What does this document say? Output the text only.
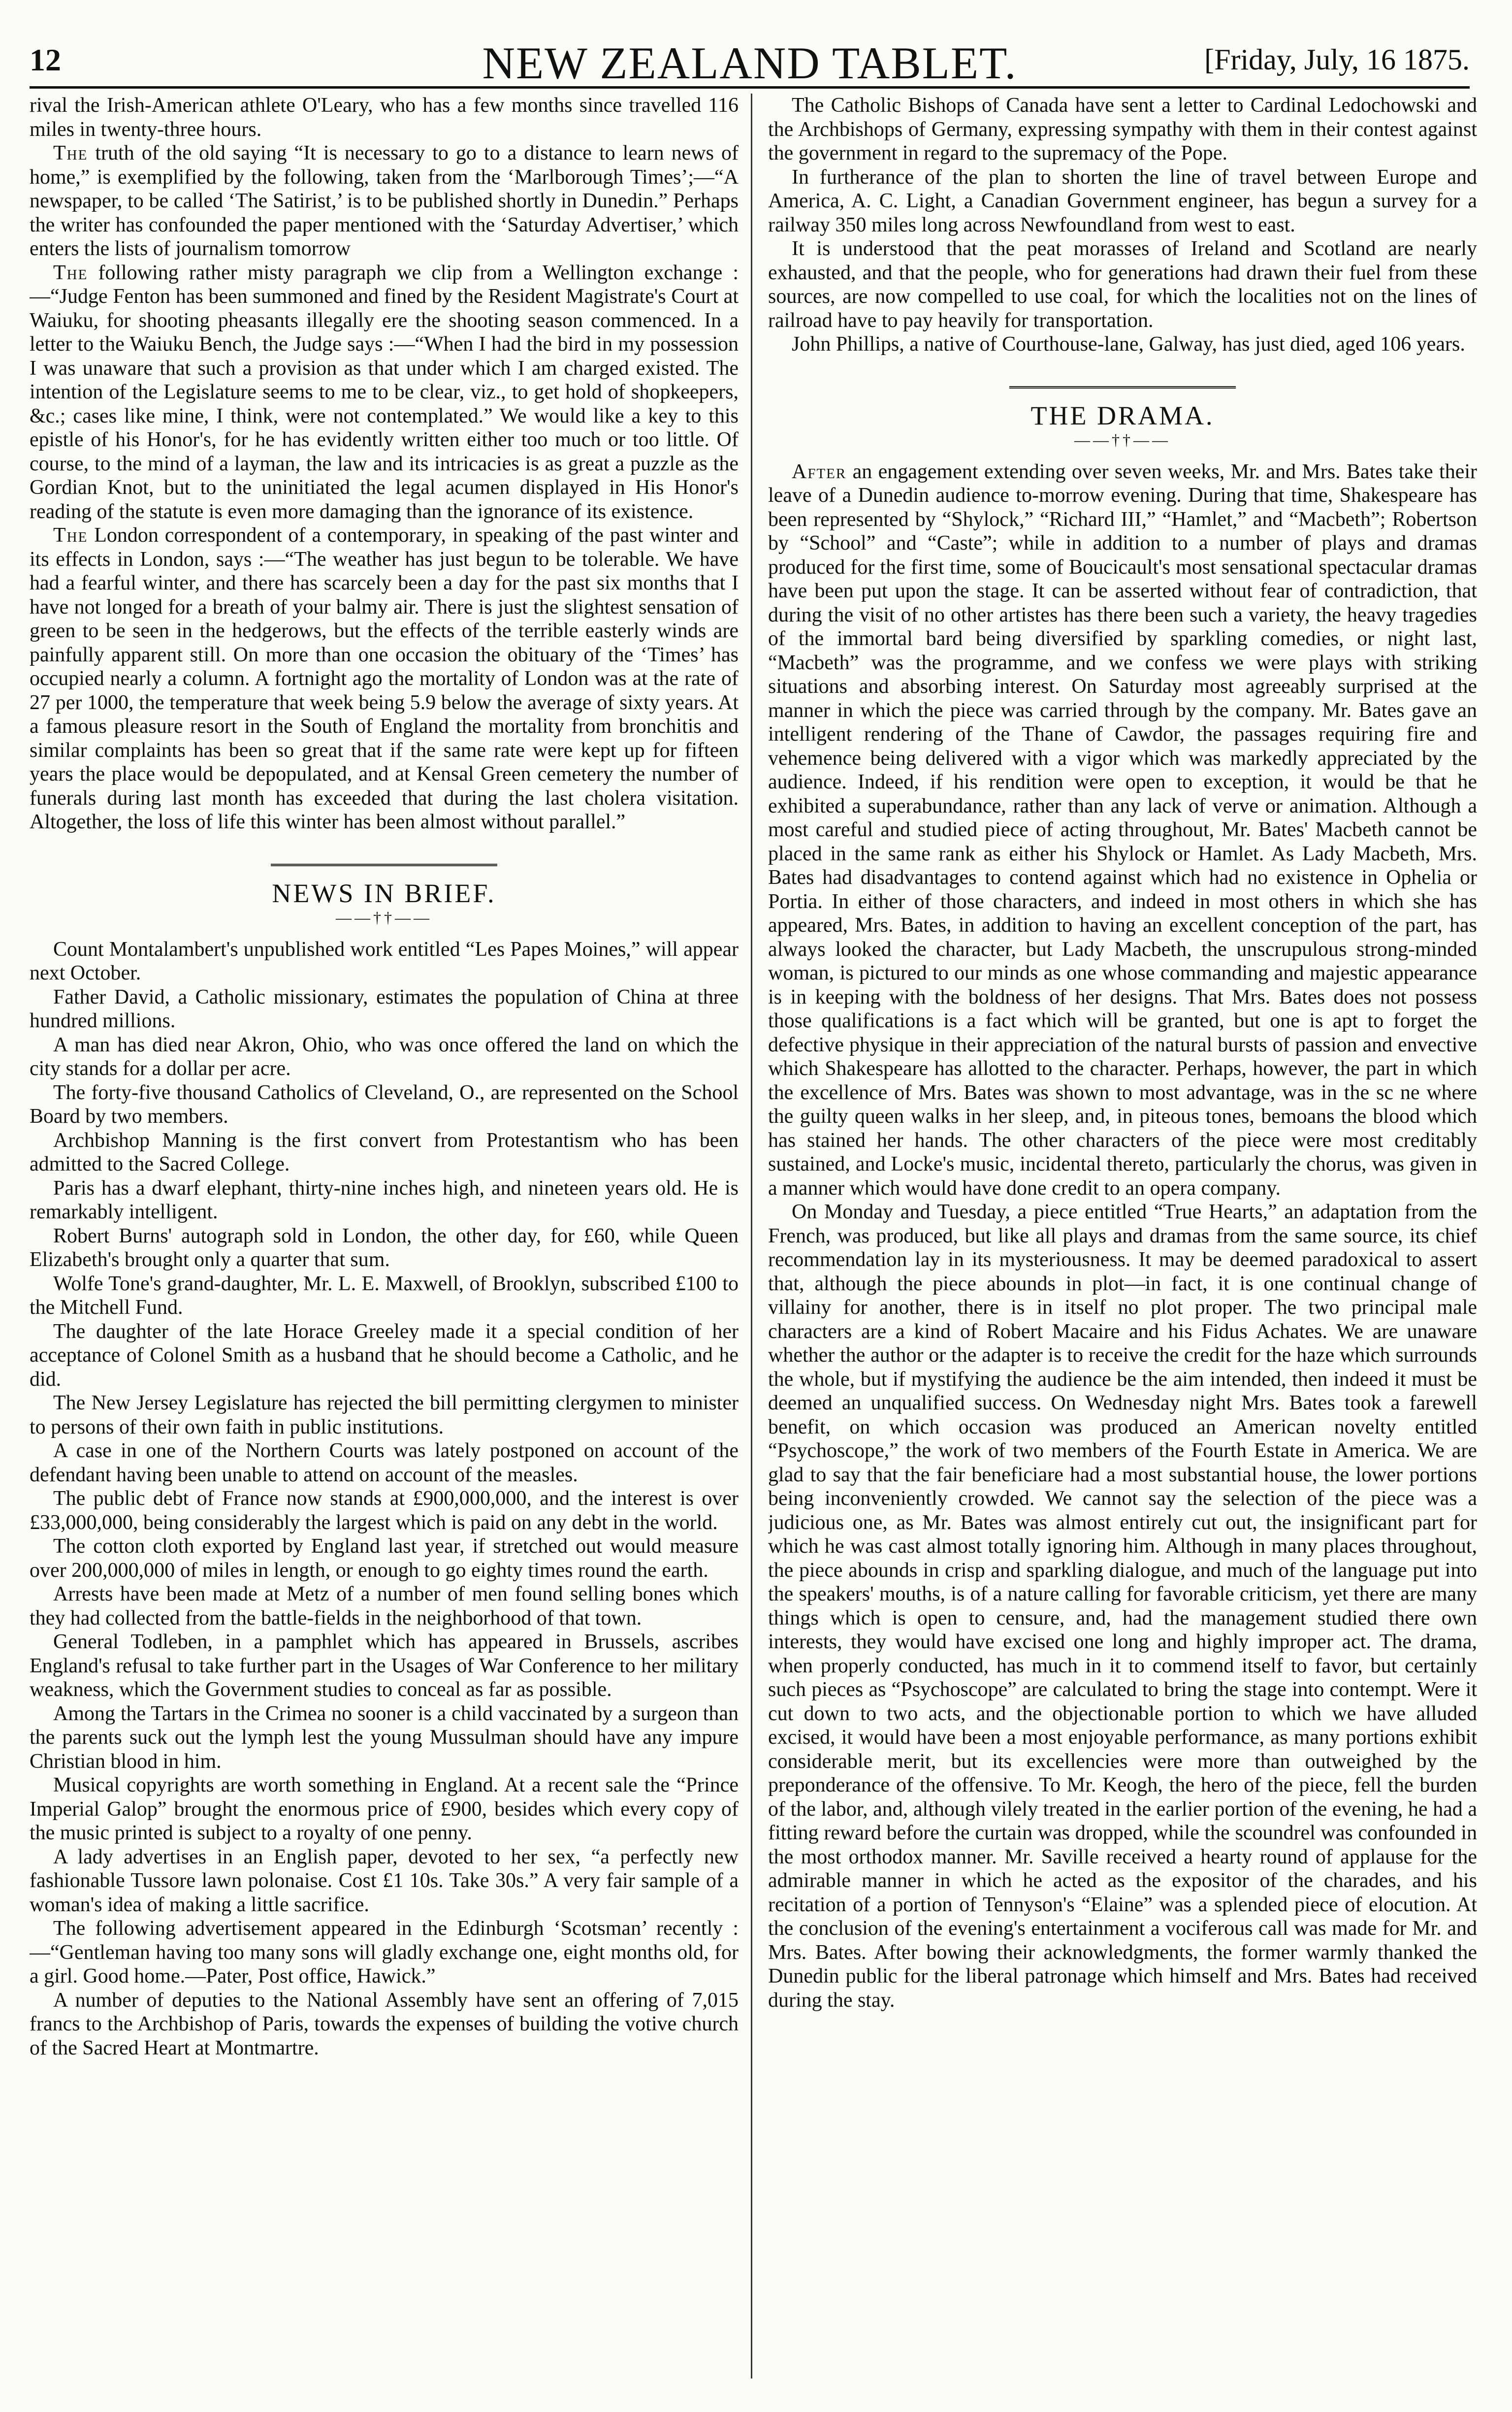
12	NEW ZEALAND TABLET.	[Friday, July, 16 1875.

rival the Irish-American athlete O'Leary, who has a few months since travelled 116 miles in twenty-three hours.

The truth of the old saying “It is necessary to go to a distance to learn news of home,” is exemplified by the following, taken from the ‘Marlborough Times’;—“A newspaper, to be called ‘The Satirist,’ is to be published shortly in Dunedin.” Perhaps the writer has confounded the paper mentioned with the ‘Saturday Advertiser,’ which enters the lists of journalism tomorrow

The following rather misty paragraph we clip from a Wellington exchange :—“Judge Fenton has been summoned and fined by the Resident Magistrate's Court at Waiuku, for shooting pheasants illegally ere the shooting season commenced. In a letter to the Waiuku Bench, the Judge says :—“When I had the bird in my possession I was unaware that such a provision as that under which I am charged existed. The intention of the Legislature seems to me to be clear, viz., to get hold of shopkeepers, &c.; cases like mine, I think, were not contemplated.” We would like a key to this epistle of his Honor's, for he has evidently written either too much or too little. Of course, to the mind of a layman, the law and its intricacies is as great a puzzle as the Gordian Knot, but to the uninitiated the legal acumen displayed in His Honor's reading of the statute is even more damaging than the ignorance of its existence.

The London correspondent of a contemporary, in speaking of the past winter and its effects in London, says :—“The weather has just begun to be tolerable. We have had a fearful winter, and there has scarcely been a day for the past six months that I have not longed for a breath of your balmy air. There is just the slightest sensation of green to be seen in the hedgerows, but the effects of the terrible easterly winds are painfully apparent still. On more than one occasion the obituary of the ‘Times’ has occupied nearly a column. A fortnight ago the mortality of London was at the rate of 27 per 1000, the temperature that week being 5.9 below the average of sixty years. At a famous pleasure resort in the South of England the mortality from bronchitis and similar complaints has been so great that if the same rate were kept up for fifteen years the place would be depopulated, and at Kensal Green cemetery the number of funerals during last month has exceeded that during the last cholera visitation. Altogether, the loss of life this winter has been almost without parallel.”

NEWS IN BRIEF.
——††——

Count Montalambert's unpublished work entitled “Les Papes Moines,” will appear next October.

Father David, a Catholic missionary, estimates the population of China at three hundred millions.

A man has died near Akron, Ohio, who was once offered the land on which the city stands for a dollar per acre.

The forty-five thousand Catholics of Cleveland, O., are represented on the School Board by two members.

Archbishop Manning is the first convert from Protestantism who has been admitted to the Sacred College.

Paris has a dwarf elephant, thirty-nine inches high, and nineteen years old. He is remarkably intelligent.

Robert Burns' autograph sold in London, the other day, for £60, while Queen Elizabeth's brought only a quarter that sum.

Wolfe Tone's grand-daughter, Mr. L. E. Maxwell, of Brooklyn, subscribed £100 to the Mitchell Fund.

The daughter of the late Horace Greeley made it a special condition of her acceptance of Colonel Smith as a husband that he should become a Catholic, and he did.

The New Jersey Legislature has rejected the bill permitting clergymen to minister to persons of their own faith in public institutions.

A case in one of the Northern Courts was lately postponed on account of the defendant having been unable to attend on account of the measles.

The public debt of France now stands at £900,000,000, and the interest is over £33,000,000, being considerably the largest which is paid on any debt in the world.

The cotton cloth exported by England last year, if stretched out would measure over 200,000,000 of miles in length, or enough to go eighty times round the earth.

Arrests have been made at Metz of a number of men found selling bones which they had collected from the battle-fields in the neighborhood of that town.

General Todleben, in a pamphlet which has appeared in Brussels, ascribes England's refusal to take further part in the Usages of War Conference to her military weakness, which the Government studies to conceal as far as possible.

Among the Tartars in the Crimea no sooner is a child vaccinated by a surgeon than the parents suck out the lymph lest the young Mussulman should have any impure Christian blood in him.

Musical copyrights are worth something in England. At a recent sale the “Prince Imperial Galop” brought the enormous price of £900, besides which every copy of the music printed is subject to a royalty of one penny.

A lady advertises in an English paper, devoted to her sex, “a perfectly new fashionable Tussore lawn polonaise. Cost £1 10s. Take 30s.” A very fair sample of a woman's idea of making a little sacrifice.

The following advertisement appeared in the Edinburgh ‘Scotsman’ recently :—“Gentleman having too many sons will gladly exchange one, eight months old, for a girl. Good home.—Pater, Post office, Hawick.”

A number of deputies to the National Assembly have sent an offering of 7,015 francs to the Archbishop of Paris, towards the expenses of building the votive church of the Sacred Heart at Montmartre.

The Catholic Bishops of Canada have sent a letter to Cardinal Ledochowski and the Archbishops of Germany, expressing sympathy with them in their contest against the government in regard to the supremacy of the Pope.

In furtherance of the plan to shorten the line of travel between Europe and America, A. C. Light, a Canadian Government engineer, has begun a survey for a railway 350 miles long across Newfoundland from west to east.

It is understood that the peat morasses of Ireland and Scotland are nearly exhausted, and that the people, who for generations had drawn their fuel from these sources, are now compelled to use coal, for which the localities not on the lines of railroad have to pay heavily for transportation.

John Phillips, a native of Courthouse-lane, Galway, has just died, aged 106 years.

THE DRAMA.
——††——

After an engagement extending over seven weeks, Mr. and Mrs. Bates take their leave of a Dunedin audience to-morrow evening. During that time, Shakespeare has been represented by “Shylock,” “Richard III,” “Hamlet,” and “Macbeth”; Robertson by “School” and “Caste”; while in addition to a number of plays and dramas produced for the first time, some of Boucicault's most sensational spectacular dramas have been put upon the stage. It can be asserted without fear of contradiction, that during the visit of no other artistes has there been such a variety, the heavy tragedies of the immortal bard being diversified by sparkling comedies, or night last, “Macbeth” was the programme, and we confess we were plays with striking situations and absorbing interest. On Saturday most agreeably surprised at the manner in which the piece was carried through by the company. Mr. Bates gave an intelligent rendering of the Thane of Cawdor, the passages requiring fire and vehemence being delivered with a vigor which was markedly appreciated by the audience. Indeed, if his rendition were open to exception, it would be that he exhibited a superabundance, rather than any lack of verve or animation. Although a most careful and studied piece of acting throughout, Mr. Bates' Macbeth cannot be placed in the same rank as either his Shylock or Hamlet. As Lady Macbeth, Mrs. Bates had disadvantages to contend against which had no existence in Ophelia or Portia. In either of those characters, and indeed in most others in which she has appeared, Mrs. Bates, in addition to having an excellent conception of the part, has always looked the character, but Lady Macbeth, the unscrupulous strong-minded woman, is pictured to our minds as one whose commanding and majestic appearance is in keeping with the boldness of her designs. That Mrs. Bates does not possess those qualifications is a fact which will be granted, but one is apt to forget the defective physique in their appreciation of the natural bursts of passion and envective which Shakespeare has allotted to the character. Perhaps, however, the part in which the excellence of Mrs. Bates was shown to most advantage, was in the sc ne where the guilty queen walks in her sleep, and, in piteous tones, bemoans the blood which has stained her hands. The other characters of the piece were most creditably sustained, and Locke's music, incidental thereto, particularly the chorus, was given in a manner which would have done credit to an opera company.

On Monday and Tuesday, a piece entitled “True Hearts,” an adaptation from the French, was produced, but like all plays and dramas from the same source, its chief recommendation lay in its mysteriousness. It may be deemed paradoxical to assert that, although the piece abounds in plot—in fact, it is one continual change of villainy for another, there is in itself no plot proper. The two principal male characters are a kind of Robert Macaire and his Fidus Achates. We are unaware whether the author or the adapter is to receive the credit for the haze which surrounds the whole, but if mystifying the audience be the aim intended, then indeed it must be deemed an unqualified success. On Wednesday night Mrs. Bates took a farewell benefit, on which occasion was produced an American novelty entitled “Psychoscope,” the work of two members of the Fourth Estate in America. We are glad to say that the fair beneficiare had a most substantial house, the lower portions being inconveniently crowded. We cannot say the selection of the piece was a judicious one, as Mr. Bates was almost entirely cut out, the insignificant part for which he was cast almost totally ignoring him. Although in many places throughout, the piece abounds in crisp and sparkling dialogue, and much of the language put into the speakers' mouths, is of a nature calling for favorable criticism, yet there are many things which is open to censure, and, had the management studied there own interests, they would have excised one long and highly improper act. The drama, when properly conducted, has much in it to commend itself to favor, but certainly such pieces as “Psychoscope” are calculated to bring the stage into contempt. Were it cut down to two acts, and the objectionable portion to which we have alluded excised, it would have been a most enjoyable performance, as many portions exhibit considerable merit, but its excellencies were more than outweighed by the preponderance of the offensive. To Mr. Keogh, the hero of the piece, fell the burden of the labor, and, although vilely treated in the earlier portion of the evening, he had a fitting reward before the curtain was dropped, while the scoundrel was confounded in the most orthodox manner. Mr. Saville received a hearty round of applause for the admirable manner in which he acted as the expositor of the charades, and his recitation of a portion of Tennyson's “Elaine” was a splended piece of elocution. At the conclusion of the evening's entertainment a vociferous call was made for Mr. and Mrs. Bates. After bowing their acknowledgments, the former warmly thanked the Dunedin public for the liberal patronage which himself and Mrs. Bates had received during the stay.
